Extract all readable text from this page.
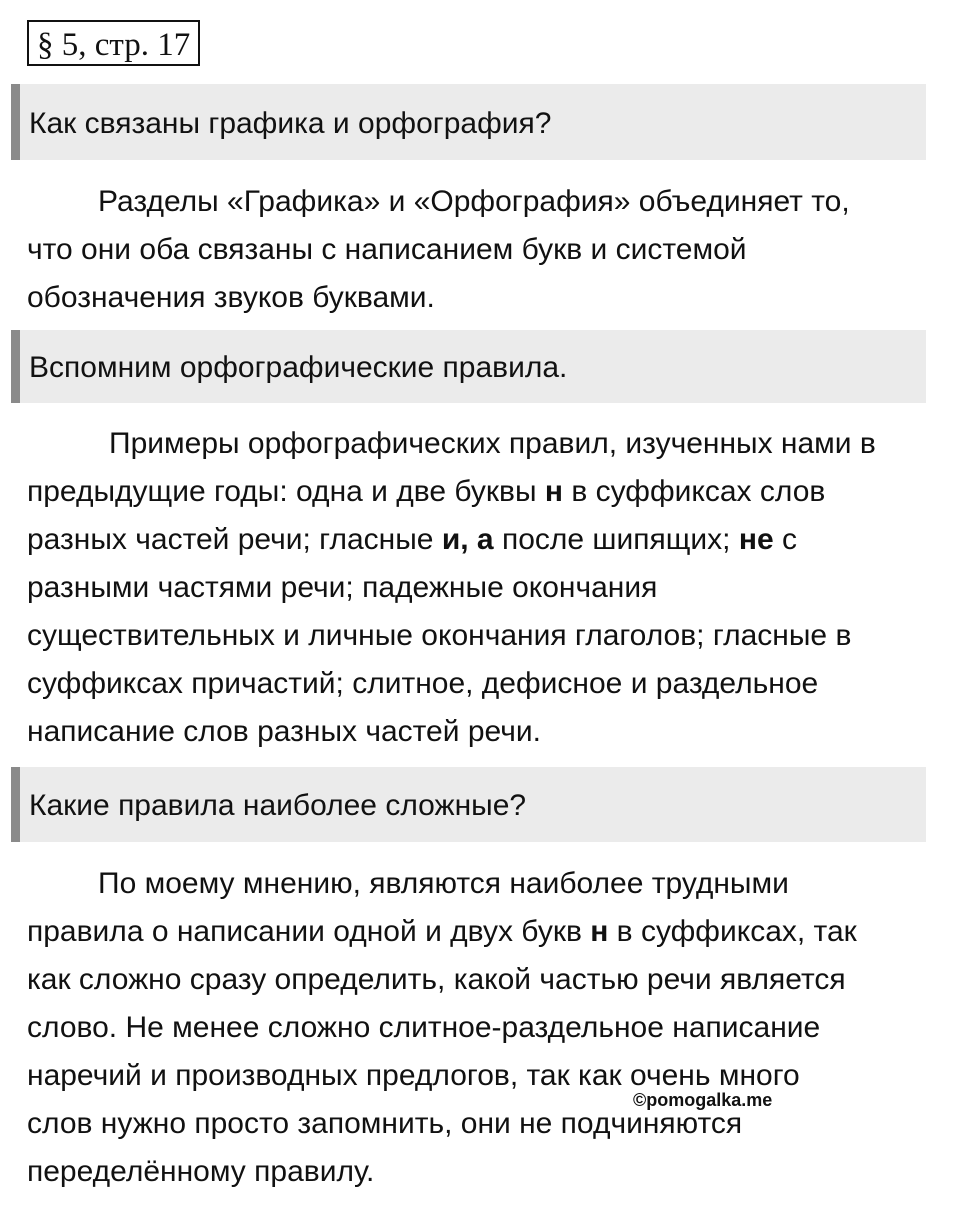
§ 5, стр. 17
Как связаны графика и орфография?
Разделы «Графика» и «Орфография» объединяет то,
что они оба связаны с написанием букв и системой
обозначения звуков буквами.
Вспомним орфографические правила.
Примеры орфографических правил, изученных нами в
предыдущие годы: одна и две буквы н в суффиксах слов
разных частей речи; гласные и, а после шипящих; не с
разными частями речи; падежные окончания
существительных и личные окончания глаголов; гласные в
суффиксах причастий; слитное, дефисное и раздельное
написание слов разных частей речи.
Какие правила наиболее сложные?
По моему мнению, являются наиболее трудными
правила о написании одной и двух букв н в суффиксах, так
как сложно сразу определить, какой частью речи является
слово. Не менее сложно слитное-раздельное написание
наречий и производных предлогов, так как очень много
слов нужно просто запомнить, они не подчиняются
переделённому правилу.
©pomogalka.me
